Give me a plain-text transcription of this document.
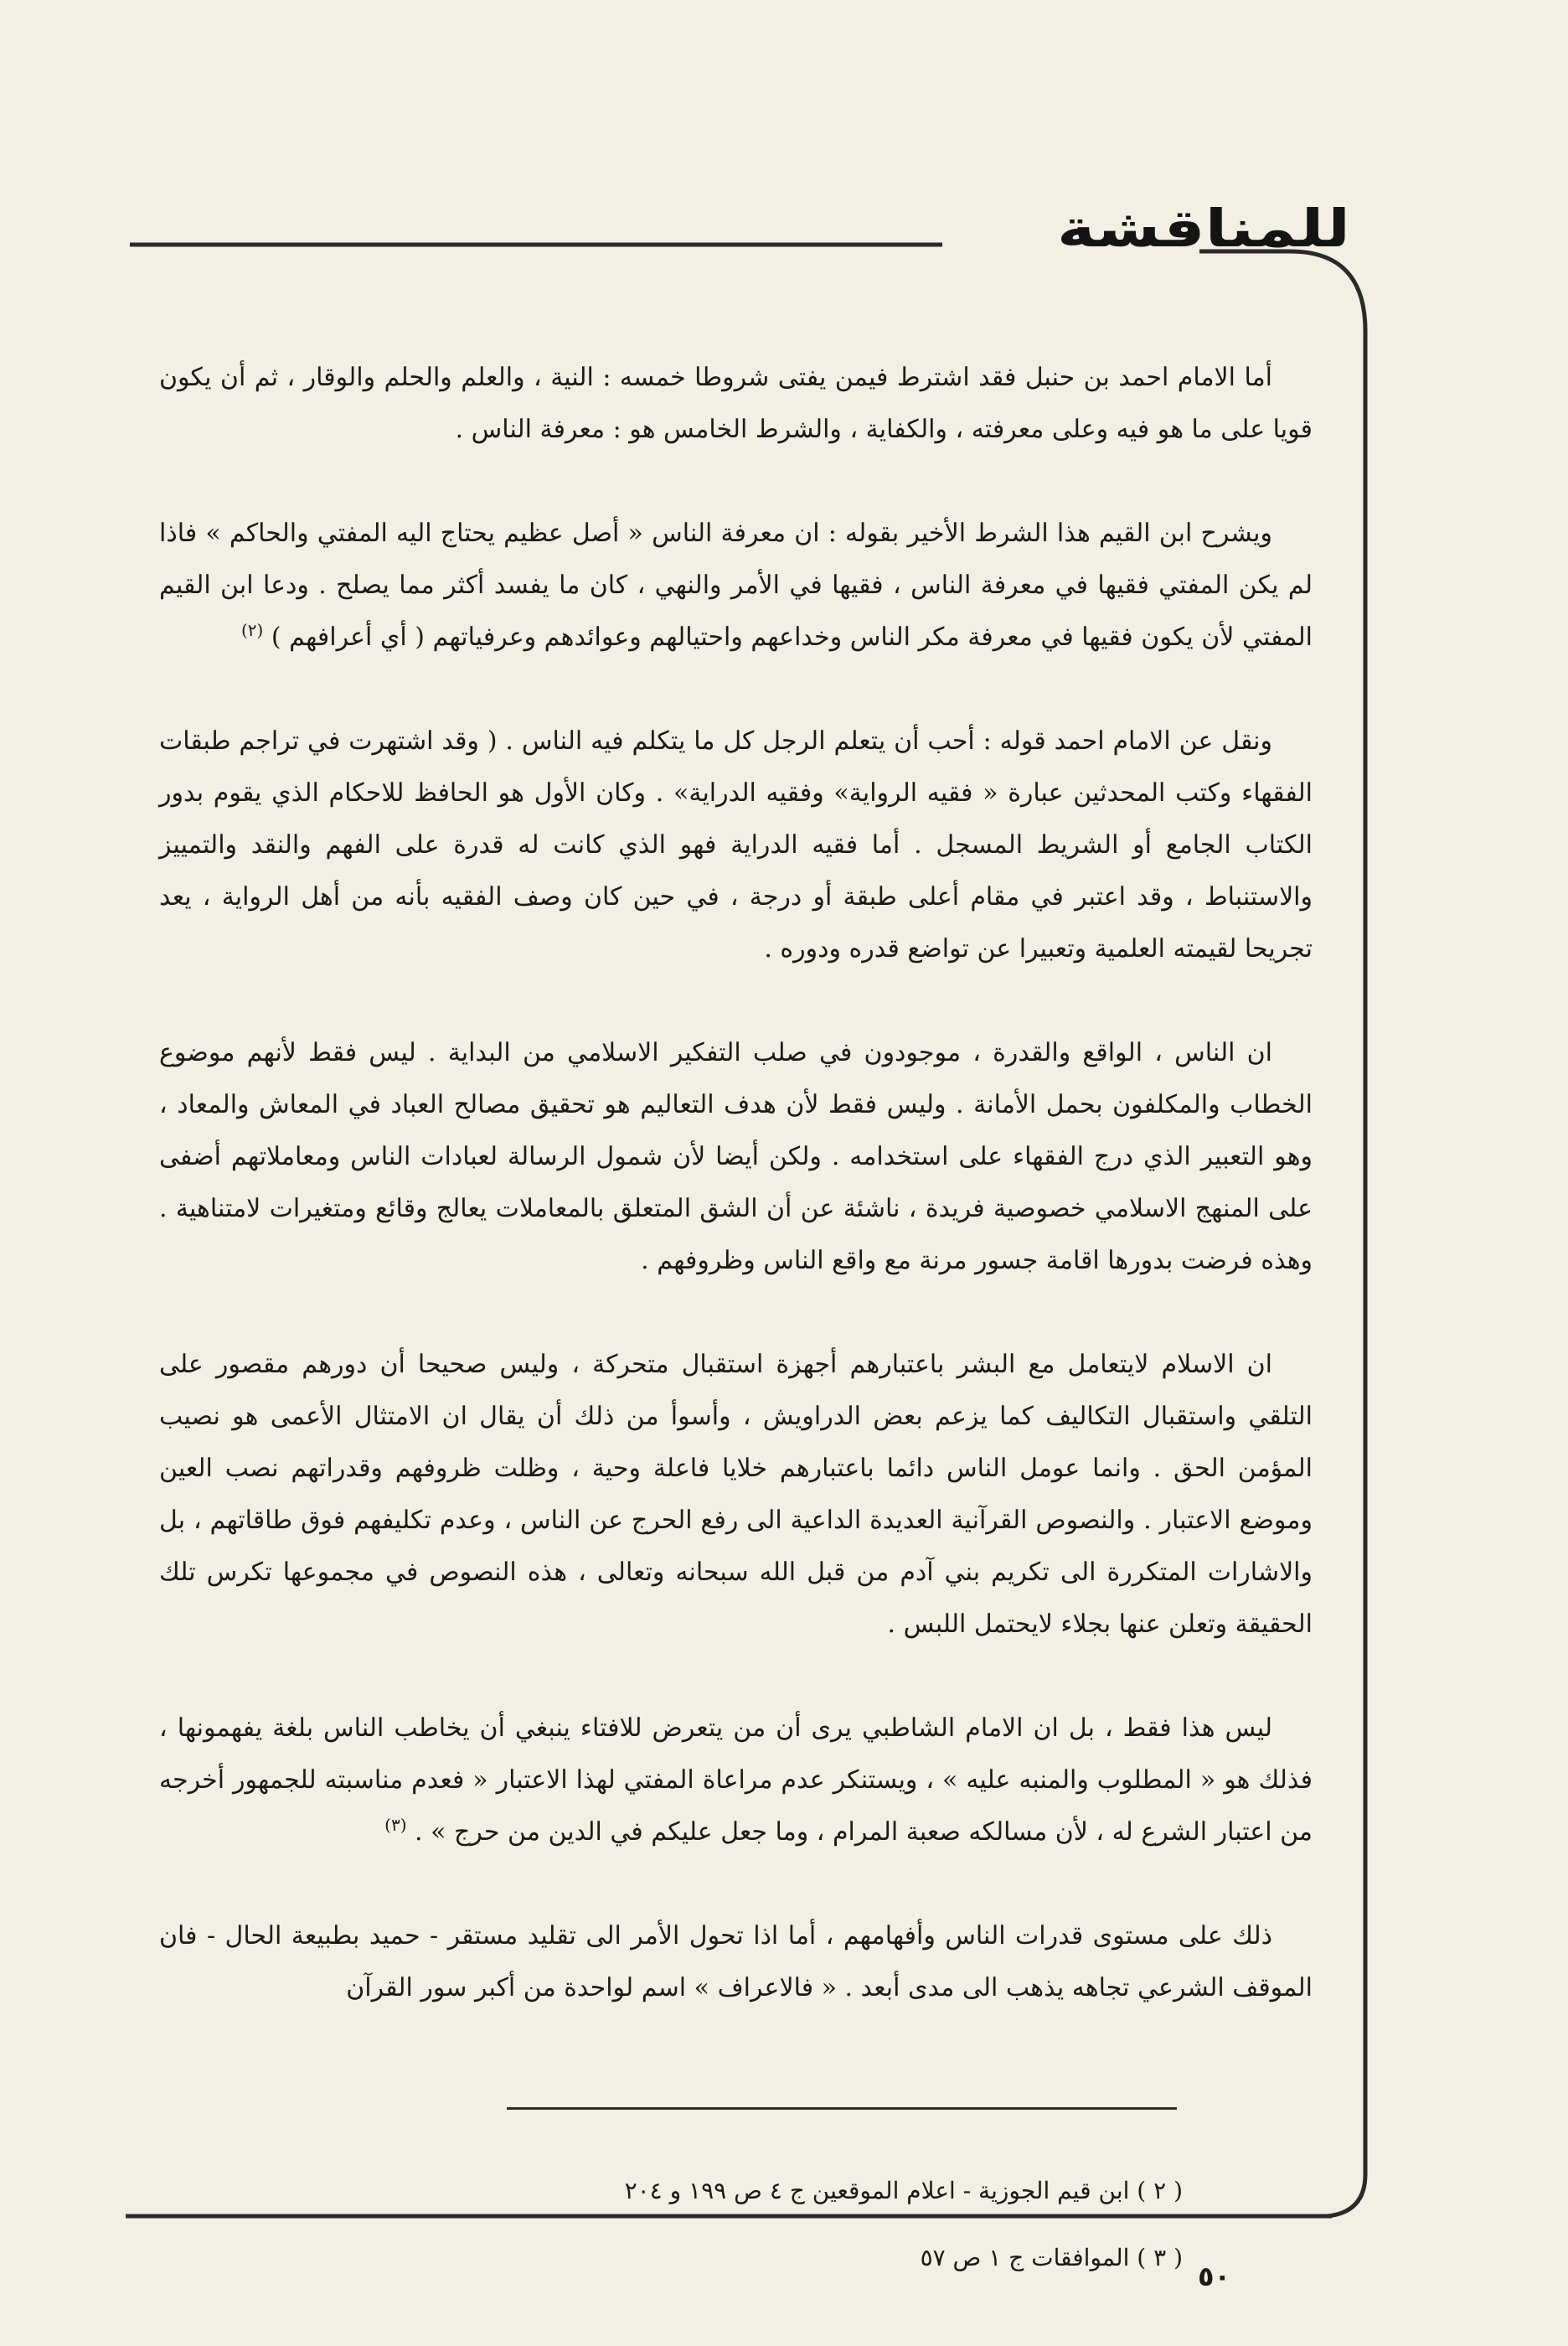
للمناقشة

أما الامام احمد بن حنبل فقد اشترط فيمن يفتى شروطا خمسه : النية ، والعلم والحلم والوقار ، ثم أن يكون قويا على ما هو فيه وعلى معرفته ، والكفاية ، والشرط الخامس هو : معرفة الناس .

ويشرح ابن القيم هذا الشرط الأخير بقوله : ان معرفة الناس « أصل عظيم يحتاج اليه المفتي والحاكم » فاذا لم يكن المفتي فقيها في معرفة الناس ، فقيها في الأمر والنهي ، كان ما يفسد أكثر مما يصلح . ودعا ابن القيم المفتي لأن يكون فقيها في معرفة مكر الناس وخداعهم واحتيالهم وعوائدهم وعرفياتهم ( أي أعرافهم ) $^{(٢)}$

ونقل عن الامام احمد قوله : أحب أن يتعلم الرجل كل ما يتكلم فيه الناس . ( وقد اشتهرت في تراجم طبقات الفقهاء وكتب المحدثين عبارة « فقيه الرواية» وفقيه الدراية» . وكان الأول هو الحافظ للاحكام الذي يقوم بدور الكتاب الجامع أو الشريط المسجل . أما فقيه الدراية فهو الذي كانت له قدرة على الفهم والنقد والتمييز والاستنباط ، وقد اعتبر في مقام أعلى طبقة أو درجة ، في حين كان وصف الفقيه بأنه من أهل الرواية ، يعد تجريحا لقيمته العلمية وتعبيرا عن تواضع قدره ودوره .

ان الناس ، الواقع والقدرة ، موجودون في صلب التفكير الاسلامي من البداية . ليس فقط لأنهم موضوع الخطاب والمكلفون بحمل الأمانة . وليس فقط لأن هدف التعاليم هو تحقيق مصالح العباد في المعاش والمعاد ، وهو التعبير الذي درج الفقهاء على استخدامه . ولكن أيضا لأن شمول الرسالة لعبادات الناس ومعاملاتهم أضفى على المنهج الاسلامي خصوصية فريدة ، ناشئة عن أن الشق المتعلق بالمعاملات يعالج وقائع ومتغيرات لامتناهية . وهذه فرضت بدورها اقامة جسور مرنة مع واقع الناس وظروفهم .

ان الاسلام لايتعامل مع البشر باعتبارهم أجهزة استقبال متحركة ، وليس صحيحا أن دورهم مقصور على التلقي واستقبال التكاليف كما يزعم بعض الدراويش ، وأسوأ من ذلك أن يقال ان الامتثال الأعمى هو نصيب المؤمن الحق . وانما عومل الناس دائما باعتبارهم خلايا فاعلة وحية ، وظلت ظروفهم وقدراتهم نصب العين وموضع الاعتبار . والنصوص القرآنية العديدة الداعية الى رفع الحرج عن الناس ، وعدم تكليفهم فوق طاقاتهم ، بل والاشارات المتكررة الى تكريم بني آدم من قبل الله سبحانه وتعالى ، هذه النصوص في مجموعها تكرس تلك الحقيقة وتعلن عنها بجلاء لايحتمل اللبس .

ليس هذا فقط ، بل ان الامام الشاطبي يرى أن من يتعرض للافتاء ينبغي أن يخاطب الناس بلغة يفهمونها ، فذلك هو « المطلوب والمنبه عليه » ، ويستنكر عدم مراعاة المفتي لهذا الاعتبار « فعدم مناسبته للجمهور أخرجه من اعتبار الشرع له ، لأن مسالكه صعبة المرام ، وما جعل عليكم في الدين من حرج » . $^{(٣)}$

ذلك على مستوى قدرات الناس وأفهامهم ، أما اذا تحول الأمر الى تقليد مستقر - حميد بطبيعة الحال - فان الموقف الشرعي تجاهه يذهب الى مدى أبعد . « فالاعراف » اسم لواحدة من أكبر سور القرآن

( ٢ ) ابن قيم الجوزية - اعلام الموقعين ج ٤ ص ١٩٩ و ٢٠٤

( ٣ ) الموافقات ج ١ ص ٥٧

٥٠
